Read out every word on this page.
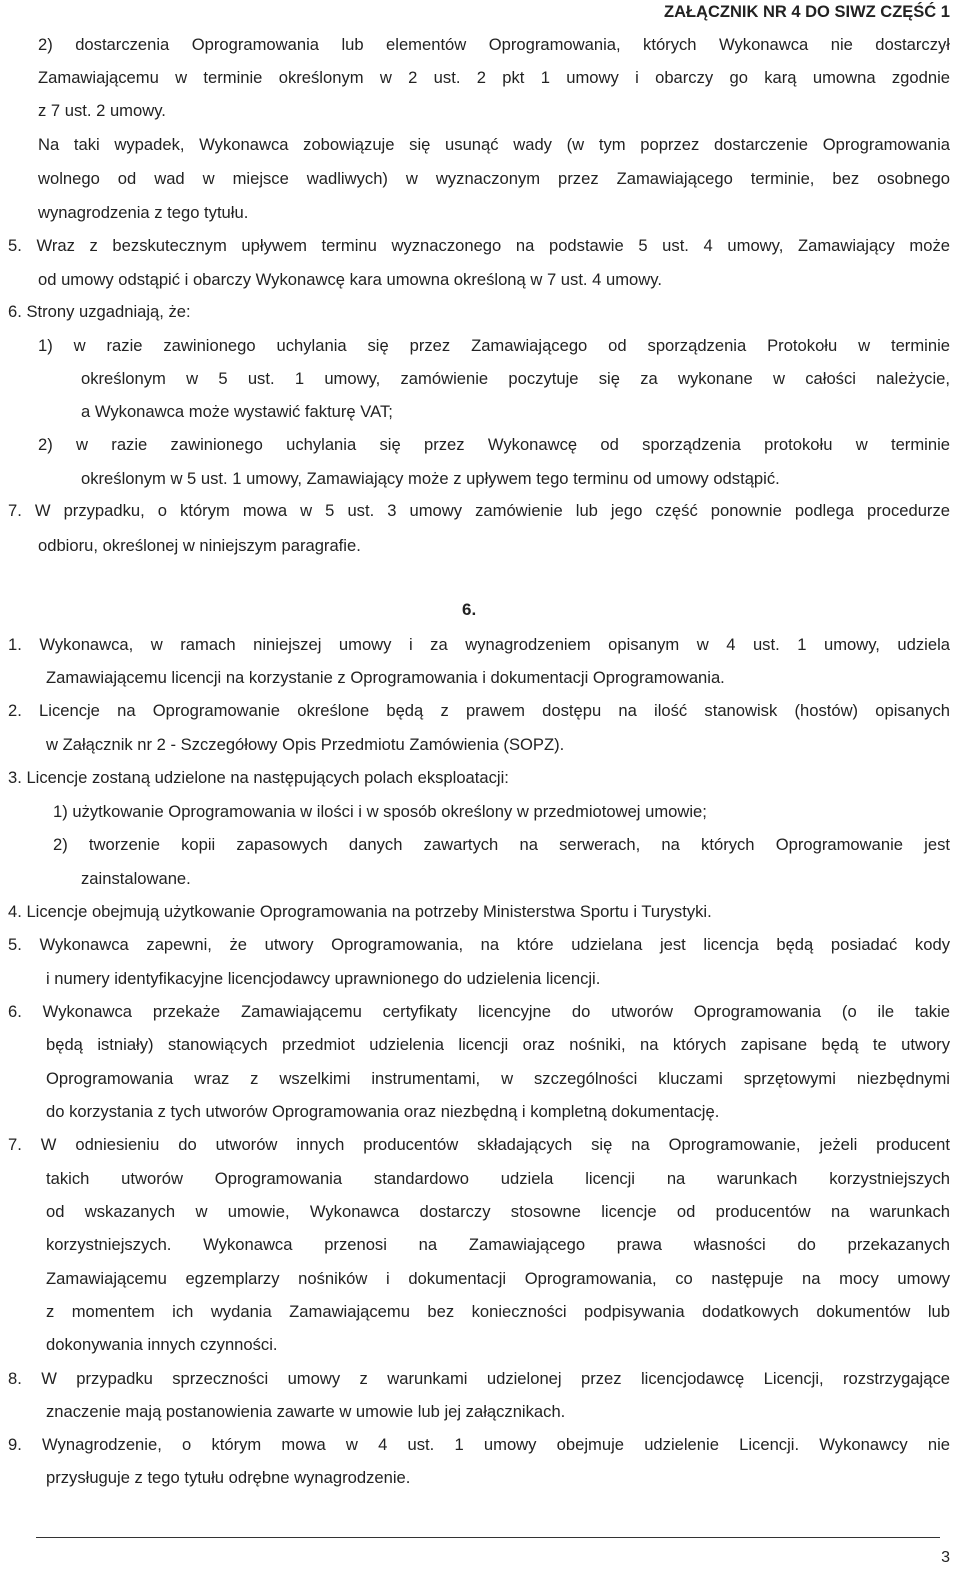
ZAŁĄCZNIK NR 4 DO SIWZ CZĘŚĆ 1
2) dostarczenia Oprogramowania lub elementów Oprogramowania, których Wykonawca nie dostarczył
Zamawiającemu w terminie określonym w 2 ust. 2 pkt 1 umowy i obarczy go karą umowna zgodnie
z 7 ust. 2 umowy.
Na taki wypadek, Wykonawca zobowiązuje się usunąć wady (w tym poprzez dostarczenie Oprogramowania
wolnego od wad w miejsce wadliwych) w wyznaczonym przez Zamawiającego terminie, bez osobnego
wynagrodzenia z tego tytułu.
5. Wraz z bezskutecznym upływem terminu wyznaczonego na podstawie 5 ust. 4 umowy, Zamawiający może
od umowy odstąpić i obarczy Wykonawcę kara umowna określoną w 7 ust. 4 umowy.
6. Strony uzgadniają, że:
1) w razie zawinionego uchylania się przez Zamawiającego od sporządzenia Protokołu w terminie
określonym w 5 ust. 1 umowy, zamówienie poczytuje się za wykonane w całości należycie,
a Wykonawca może wystawić fakturę VAT;
2) w razie zawinionego uchylania się przez Wykonawcę od sporządzenia protokołu w terminie
określonym w 5 ust. 1 umowy, Zamawiający może z upływem tego terminu od umowy odstąpić.
7. W przypadku, o którym mowa w 5 ust. 3 umowy zamówienie lub jego część ponownie podlega procedurze
odbioru, określonej w niniejszym paragrafie.
6.
1. Wykonawca, w ramach niniejszej umowy i za wynagrodzeniem opisanym w 4 ust. 1 umowy, udziela
Zamawiającemu licencji na korzystanie z Oprogramowania i dokumentacji Oprogramowania.
2. Licencje na Oprogramowanie określone będą z prawem dostępu na ilość stanowisk (hostów) opisanych
w Załącznik nr 2 - Szczegółowy Opis Przedmiotu Zamówienia (SOPZ).
3. Licencje zostaną udzielone na następujących polach eksploatacji:
1) użytkowanie Oprogramowania w ilości i w sposób określony w przedmiotowej umowie;
2) tworzenie kopii zapasowych danych zawartych na serwerach, na których Oprogramowanie jest
zainstalowane.
4. Licencje obejmują użytkowanie Oprogramowania na potrzeby Ministerstwa Sportu i Turystyki.
5. Wykonawca zapewni, że utwory Oprogramowania, na które udzielana jest licencja będą posiadać kody
i numery identyfikacyjne licencjodawcy uprawnionego do udzielenia licencji.
6. Wykonawca przekaże Zamawiającemu certyfikaty licencyjne do utworów Oprogramowania (o ile takie
będą istniały) stanowiących przedmiot udzielenia licencji oraz nośniki, na których zapisane będą te utwory
Oprogramowania wraz z wszelkimi instrumentami, w szczególności kluczami sprzętowymi niezbędnymi
do korzystania z tych utworów Oprogramowania oraz niezbędną i kompletną dokumentację.
7. W odniesieniu do utworów innych producentów składających się na Oprogramowanie, jeżeli producent
takich utworów Oprogramowania standardowo udziela licencji na warunkach korzystniejszych
od wskazanych w umowie, Wykonawca dostarczy stosowne licencje od producentów na warunkach
korzystniejszych. Wykonawca przenosi na Zamawiającego prawa własności do przekazanych
Zamawiającemu egzemplarzy nośników i dokumentacji Oprogramowania, co następuje na mocy umowy
z momentem ich wydania Zamawiającemu bez konieczności podpisywania dodatkowych dokumentów lub
dokonywania innych czynności.
8. W przypadku sprzeczności umowy z warunkami udzielonej przez licencjodawcę Licencji, rozstrzygające
znaczenie mają postanowienia zawarte w umowie lub jej załącznikach.
9. Wynagrodzenie, o którym mowa w 4 ust. 1 umowy obejmuje udzielenie Licencji. Wykonawcy nie
przysługuje z tego tytułu odrębne wynagrodzenie.
3
